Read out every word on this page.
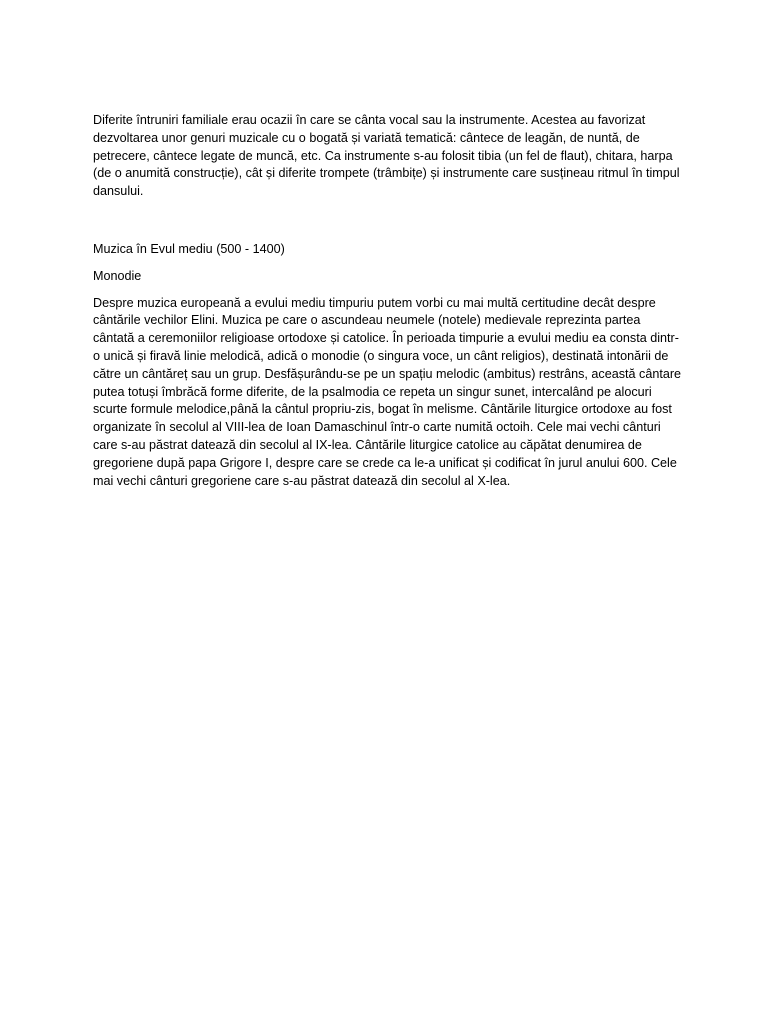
Diferite întruniri familiale erau ocazii în care se cânta vocal sau la instrumente. Acestea au favorizat dezvoltarea unor genuri muzicale cu o bogată și variată tematică: cântece de leagăn, de nuntă, de petrecere, cântece legate de muncă, etc. Ca instrumente s-au folosit tibia (un fel de flaut), chitara, harpa (de o anumită construcție), cât și diferite trompete (trâmbițe) și instrumente care susțineau ritmul în timpul dansului.

Muzica în Evul mediu (500 - 1400)

Monodie

Despre muzica europeană a evului mediu timpuriu putem vorbi cu mai multă certitudine decât despre cântările vechilor Elini. Muzica pe care o ascundeau neumele (notele) medievale reprezinta partea cântată a ceremoniilor religioase ortodoxe și catolice. În perioada timpurie a evului mediu ea consta dintr-o unică și firavă linie melodică, adică o monodie (o singura voce, un cânt religios), destinată intonării de către un cântăreț sau un grup. Desfășurându-se pe un spațiu melodic (ambitus) restrâns, această cântare putea totuși îmbrăcă forme diferite, de la psalmodia ce repeta un singur sunet, intercalând pe alocuri scurte formule melodice,până la cântul propriu-zis, bogat în melisme. Cântările liturgice ortodoxe au fost organizate în secolul al VIII-lea de Ioan Damaschinul într-o carte numită octoih. Cele mai vechi cânturi care s-au păstrat datează din secolul al IX-lea. Cântările liturgice catolice au căpătat denumirea de gregoriene după papa Grigore I, despre care se crede ca le-a unificat și codificat în jurul anului 600. Cele mai vechi cânturi gregoriene care s-au păstrat datează din secolul al X-lea.
